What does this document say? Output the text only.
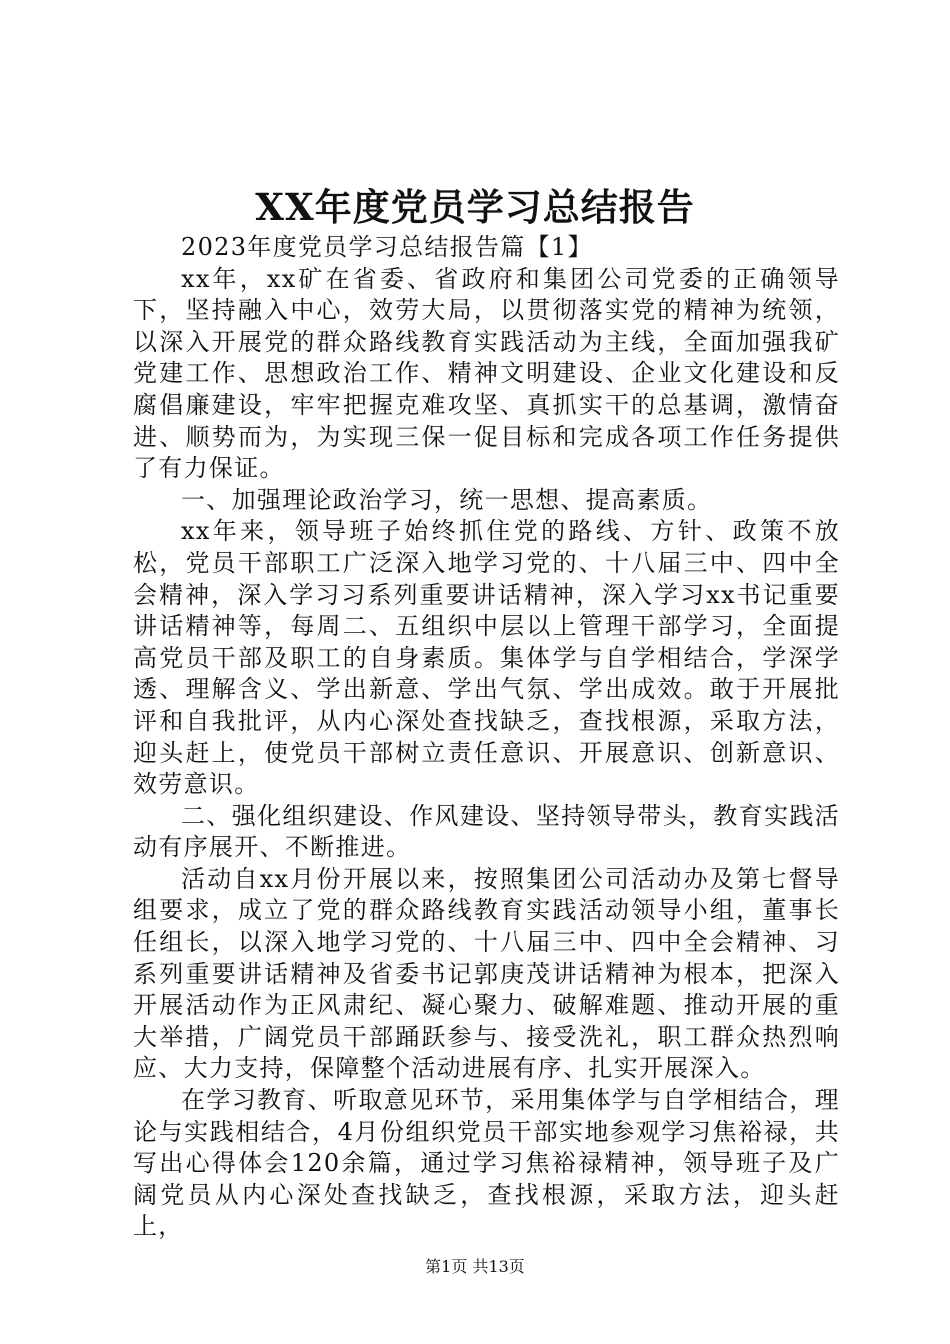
XX年度党员学习总结报告

2023年度党员学习总结报告篇【1】

xx年，xx矿在省委、省政府和集团公司党委的正确领导下，坚持融入中心，效劳大局，以贯彻落实党的精神为统领，以深入开展党的群众路线教育实践活动为主线，全面加强我矿党建工作、思想政治工作、精神文明建设、企业文化建设和反腐倡廉建设，牢牢把握克难攻坚、真抓实干的总基调，激情奋进、顺势而为，为实现三保一促目标和完成各项工作任务提供了有力保证。

一、加强理论政治学习，统一思想、提高素质。

xx年来，领导班子始终抓住党的路线、方针、政策不放松，党员干部职工广泛深入地学习党的、十八届三中、四中全会精神，深入学习习系列重要讲话精神，深入学习xx书记重要讲话精神等，每周二、五组织中层以上管理干部学习，全面提高党员干部及职工的自身素质。集体学与自学相结合，学深学透、理解含义、学出新意、学出气氛、学出成效。敢于开展批评和自我批评，从内心深处查找缺乏，查找根源，采取方法，迎头赶上，使党员干部树立责任意识、开展意识、创新意识、效劳意识。

二、强化组织建设、作风建设、坚持领导带头，教育实践活动有序展开、不断推进。

活动自xx月份开展以来，按照集团公司活动办及第七督导组要求，成立了党的群众路线教育实践活动领导小组，董事长任组长，以深入地学习党的、十八届三中、四中全会精神、习系列重要讲话精神及省委书记郭庚茂讲话精神为根本，把深入开展活动作为正风肃纪、凝心聚力、破解难题、推动开展的重大举措，广阔党员干部踊跃参与、接受洗礼，职工群众热烈响应、大力支持，保障整个活动进展有序、扎实开展深入。

在学习教育、听取意见环节，采用集体学与自学相结合，理论与实践相结合，4月份组织党员干部实地参观学习焦裕禄，共写出心得体会120余篇，通过学习焦裕禄精神，领导班子及广阔党员从内心深处查找缺乏，查找根源，采取方法，迎头赶上，

第1页 共13页
